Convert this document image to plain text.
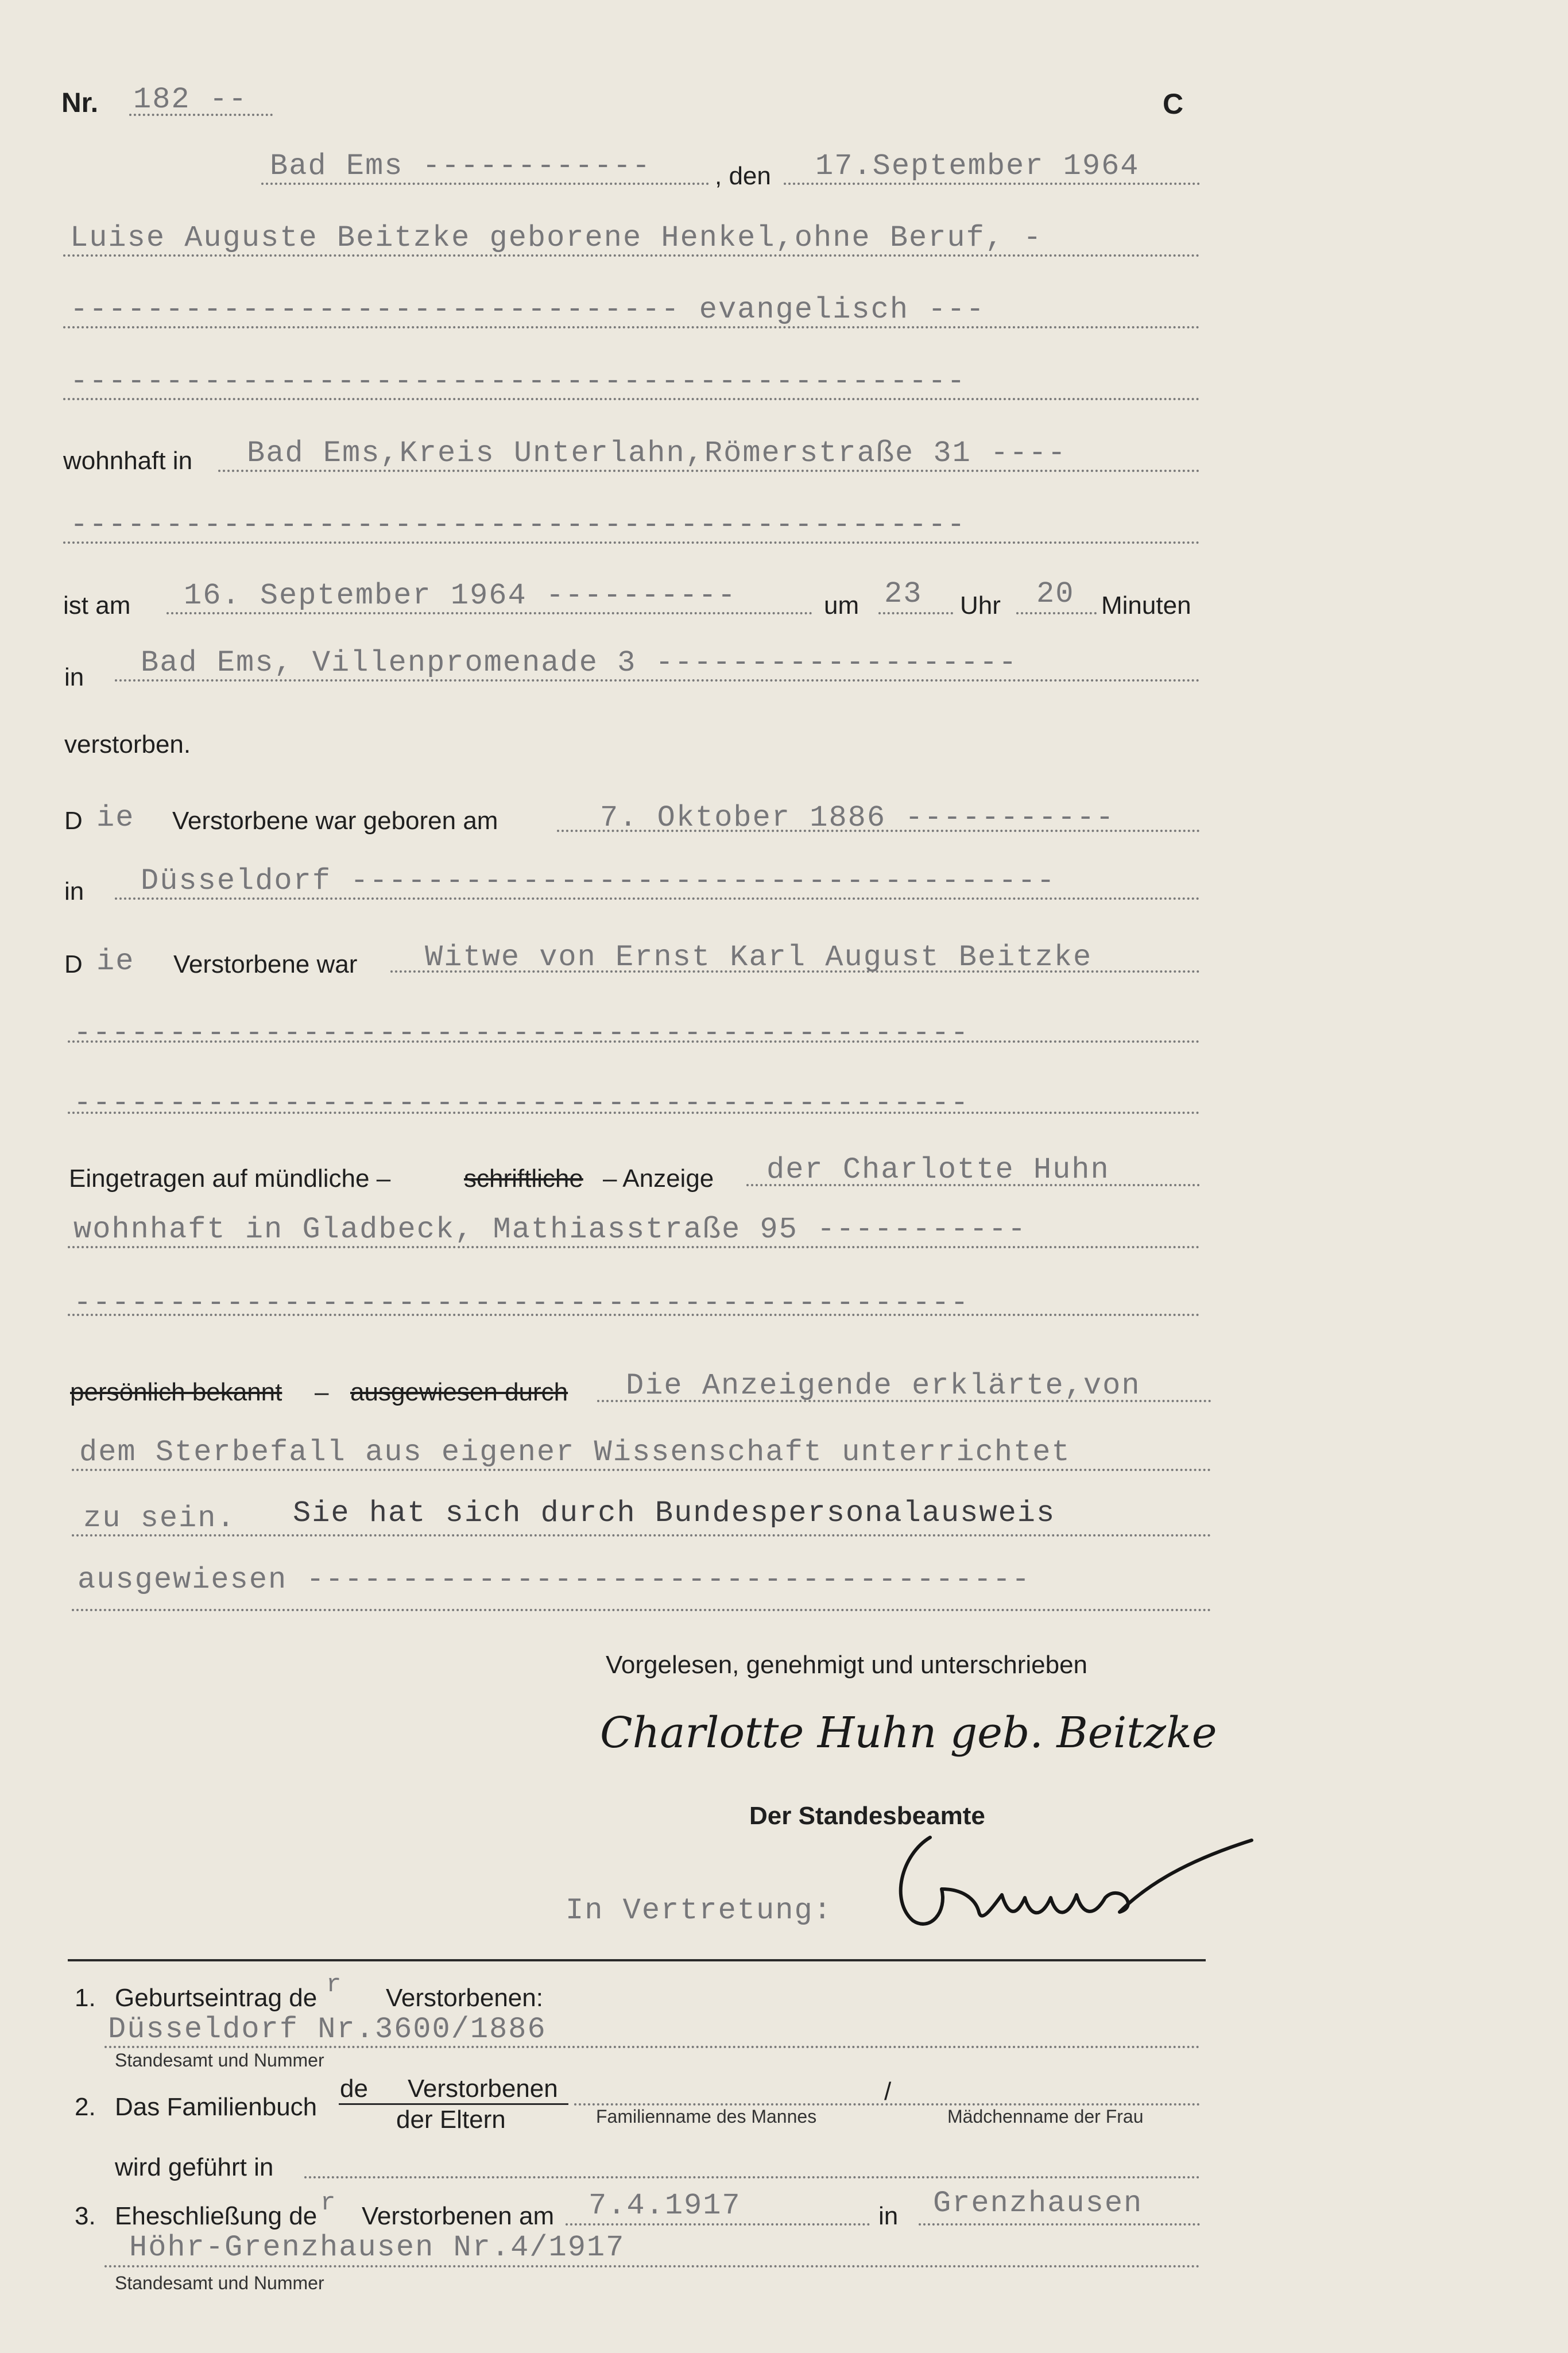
Nr. 182 --	C
Bad Ems ------------	, den 17.September 1964
Luise Auguste Beitzke geborene Henkel,ohne Beruf, -
-------------------------------- evangelisch ---
-----------------------------------------------
wohnhaft in Bad Ems,Kreis Unterlahn,Römerstraße 31 ----
-----------------------------------------------
ist am 16. September 1964 ----------	um 23 Uhr 20 Minuten
in Bad Ems, Villenpromenade 3 -------------------
verstorben.
D ie Verstorbene war geboren am	7. Oktober 1886 -----------
in Düsseldorf -------------------------------------
D ie Verstorbene war Witwe von Ernst Karl August Beitzke
-----------------------------------------------
-----------------------------------------------
Eingetragen auf mündliche –	schriftliche – Anzeige der Charlotte Huhn
wohnhaft in Gladbeck, Mathiasstraße 95 -----------
-----------------------------------------------
persönlich bekannt – ausgewiesen durch Die Anzeigende erklärte,von
dem Sterbefall aus eigener Wissenschaft unterrichtet
zu sein. Sie hat sich durch Bundespersonalausweis
ausgewiesen --------------------------------------
Vorgelesen, genehmigt und unterschrieben
Charlotte Huhn geb. Beitzke
Der Standesbeamte
In Vertretung:
Gammer
1. Geburtseintrag de r Verstorbenen:
Düsseldorf Nr.3600/1886
Standesamt und Nummer
2. Das Familienbuch
de Verstorbenen
der Eltern
/
Familienname des Mannes	Mädchenname der Frau
wird geführt in
3. Eheschließung de r Verstorbenen am 7.4.1917	in Grenzhausen
Höhr-Grenzhausen Nr.4/1917
Standesamt und Nummer
